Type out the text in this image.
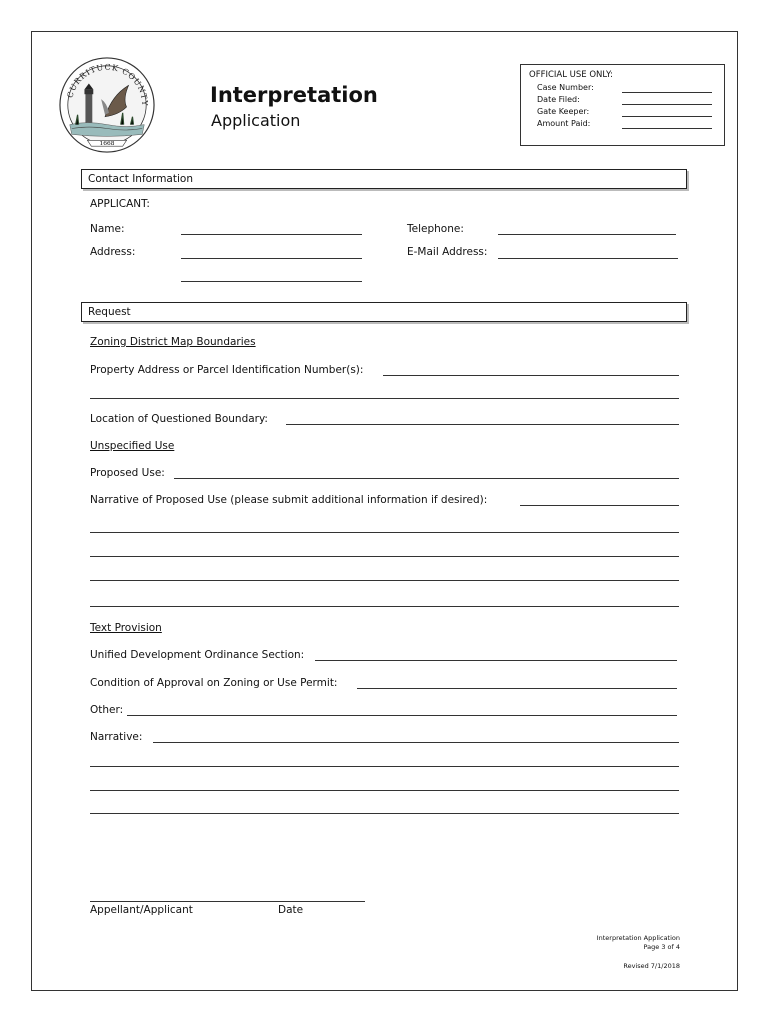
CURRITUCK COUNTY
1668
Interpretation
Application
OFFICIAL USE ONLY:
Case Number:
Date Filed:
Gate Keeper:
Amount Paid:
Contact Information
APPLICANT:
Name:	Telephone:
Address:	E-Mail Address:
Request
Zoning District Map Boundaries
Property Address or Parcel Identification Number(s):
Location of Questioned Boundary:
Unspecified Use
Proposed Use:
Narrative of Proposed Use (please submit additional information if desired):
Text Provision
Unified Development Ordinance Section:
Condition of Approval on Zoning or Use Permit:
Other:
Narrative:
Appellant/Applicant	Date
Interpretation Application
Page 3 of 4
Revised 7/1/2018
